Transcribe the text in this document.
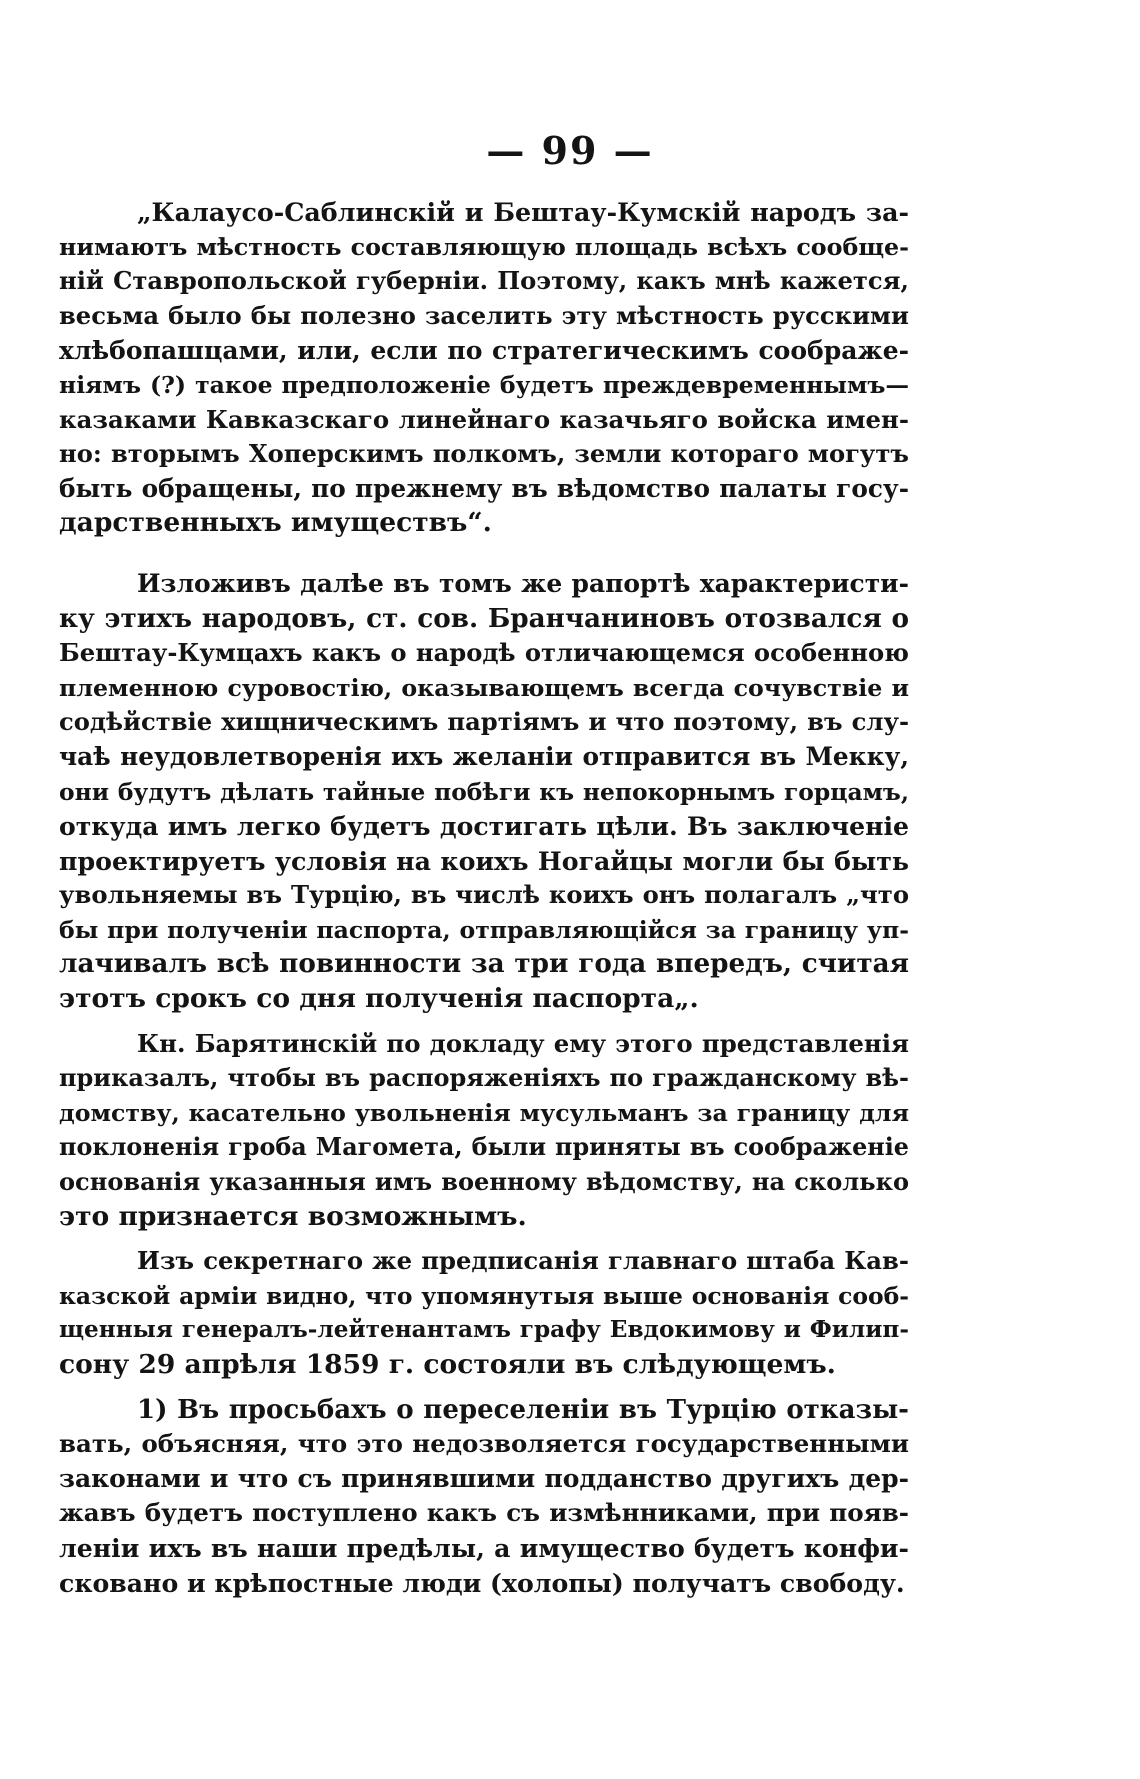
— 99 —
„Калаусо-Саблинскiй и Бештау-Кумскiй народъ за-
нимаютъ мѣстность составляющую площадь всѣхъ сообще-
нiй Ставропольской губернiи. Поэтому, какъ мнѣ кажется,
весьма было бы полезно заселить эту мѣстность русскими
хлѣбопашцами, или, если по стратегическимъ соображе-
нiямъ (?) такое предположенiе будетъ преждевременнымъ—
казаками Кавказскаго линейнаго казачьяго войска имен-
но: вторымъ Хоперскимъ полкомъ, земли котораго могутъ
быть обращены, по прежнему въ вѣдомство палаты госу-
дарственныхъ имуществъ“.
Изложивъ далѣе въ томъ же рапортѣ характеристи-
ку этихъ народовъ, ст. сов. Бранчаниновъ отозвался о
Бештау-Кумцахъ какъ о народѣ отличающемся особенною
племенною суровостiю, оказывающемъ всегда сочувствiе и
содѣйствiе хищническимъ партiямъ и что поэтому, въ слу-
чаѣ неудовлетворенiя ихъ желанiи отправится въ Мекку,
они будутъ дѣлать тайные побѣги къ непокорнымъ горцамъ,
откуда имъ легко будетъ достигать цѣли. Въ заключенiе
проектируетъ условiя на коихъ Ногайцы могли бы быть
увольняемы въ Турцiю, въ числѣ коихъ онъ полагалъ „что
бы при полученiи паспорта, отправляющiйся за границу уп-
лачивалъ всѣ повинности за три года впередъ, считая
этотъ срокъ со дня полученiя паспорта„.
Кн. Барятинскiй по докладу ему этого представленiя
приказалъ, чтобы въ распоряженiяхъ по гражданскому вѣ-
домству, касательно увольненiя мусульманъ за границу для
поклоненiя гроба Магомета, были приняты въ соображенiе
основанiя указанныя имъ военному вѣдомству, на сколько
это признается возможнымъ.
Изъ секретнаго же предписанiя главнаго штаба Кав-
казской армiи видно, что упомянутыя выше основанiя сооб-
щенныя генералъ-лейтенантамъ графу Евдокимову и Филип-
сону 29 апрѣля 1859 г. состояли въ слѣдующемъ.
1) Въ просьбахъ о переселенiи въ Турцiю отказы-
вать, объясняя, что это недозволяется государственными
законами и что съ принявшими подданство другихъ дер-
жавъ будетъ поступлено какъ съ измѣнниками, при появ-
ленiи ихъ въ наши предѣлы, а имущество будетъ конфи-
сковано и крѣпостные люди (холопы) получатъ свободу.
